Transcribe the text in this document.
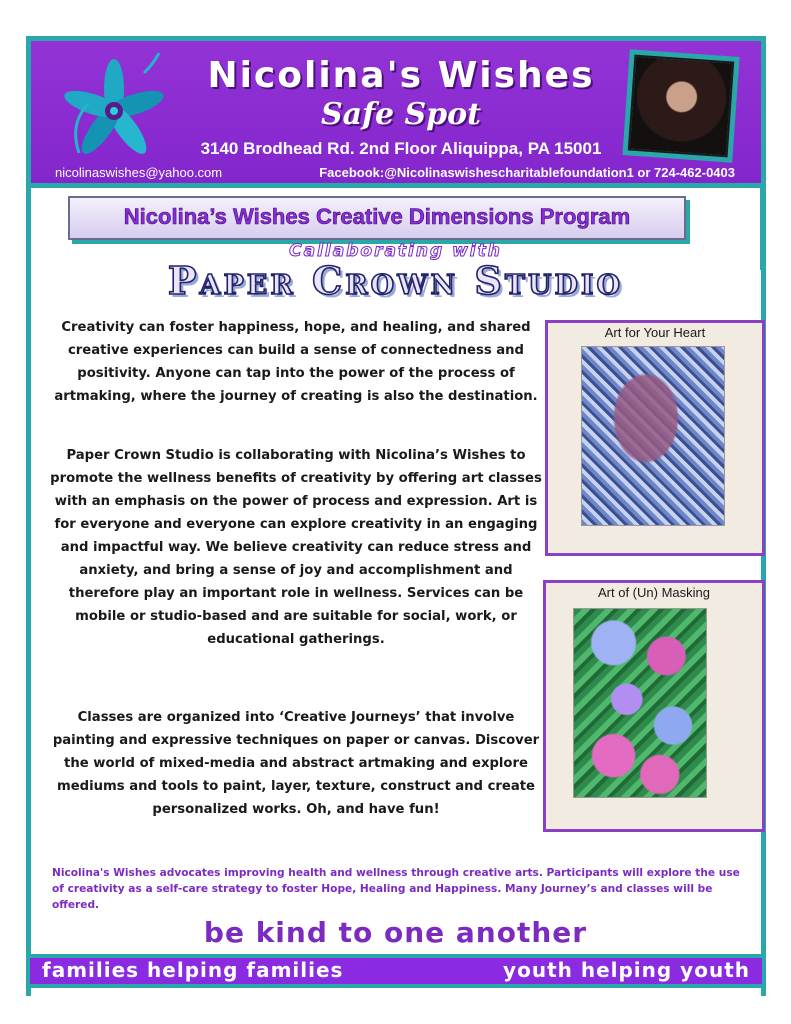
Nicolina's Wishes
Safe Spot
3140 Brodhead Rd. 2nd Floor Aliquippa, PA 15001
nicolinaswishes@yahoo.com	Facebook:@Nicolinaswishescharitablefoundation1 or 724-462-0403
Nicolina’s Wishes Creative Dimensions Program
Callaborating with
Paper Crown Studio

Creativity can foster happiness, hope, and healing, and shared creative experiences can build a sense of connectedness and positivity. Anyone can tap into the power of the process of artmaking, where the journey of creating is also the destination.

Paper Crown Studio is collaborating with Nicolina’s Wishes to promote the wellness benefits of creativity by offering art classes with an emphasis on the power of process and expression. Art is for everyone and everyone can explore creativity in an engaging and impactful way. We believe creativity can reduce stress and anxiety, and bring a sense of joy and accomplishment and therefore play an important role in wellness. Services can be mobile or studio-based and are suitable for social, work, or educational gatherings.

Classes are organized into ‘Creative Journeys’ that involve painting and expressive techniques on paper or canvas. Discover the world of mixed-media and abstract artmaking and explore mediums and tools to paint, layer, texture, construct and create personalized works. Oh, and have fun!

Art for Your Heart
Art of (Un) Masking
Nicolina's Wishes advocates improving health and wellness through creative arts. Participants will explore the use of creativity as a self-care strategy to foster Hope, Healing and Happiness. Many Journey’s and classes will be offered.
be kind to one another
families helping families	youth helping youth
